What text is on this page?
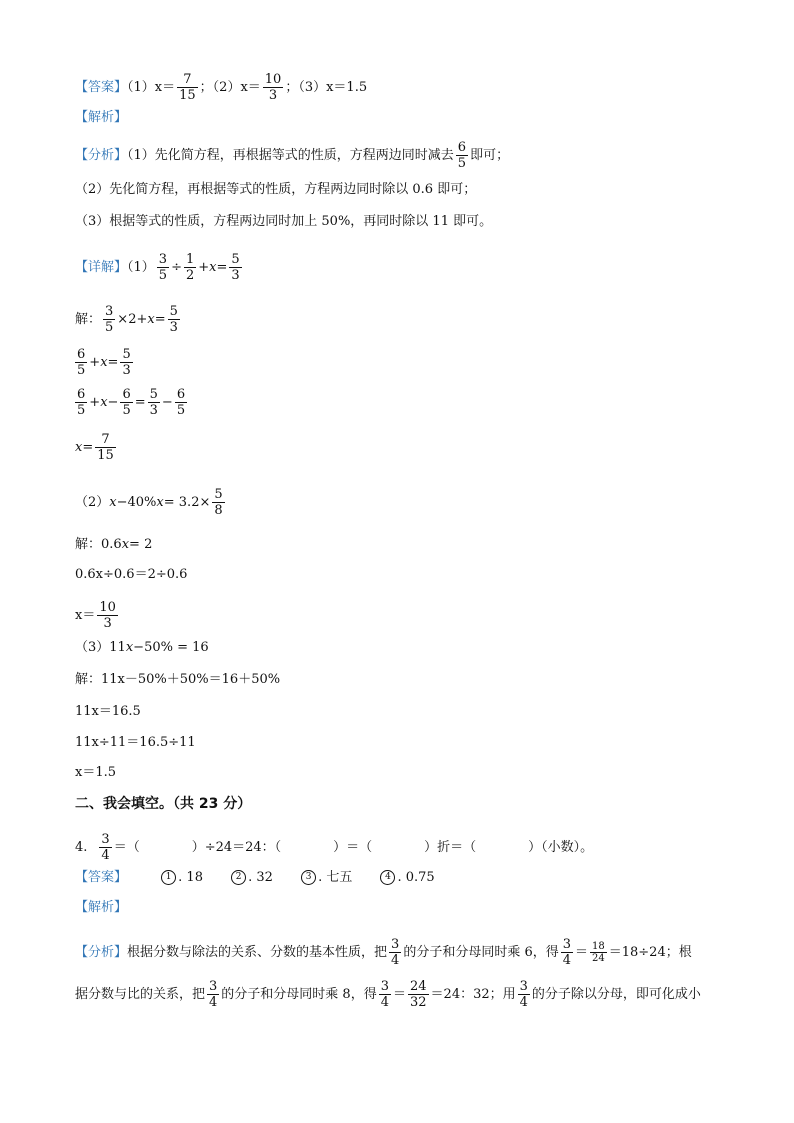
【答案】$(1)x= \frac{7}{15}$ ；$(2)x= \frac{10}{3}$ ；（3）x＝1.5
【解析】
【分析】（1）先化简方程，再根据等式的性质，方程两边同时减去 $\frac{6}{5}$ 即可；
（2）先化简方程，再根据等式的性质，方程两边同时除以 0.6 即可；
（3）根据等式的性质，方程两边同时加上 50%，再同时除以 11 即可。
【详解】$(1) \frac{3}{5} \div \frac{1}{2} +x= \frac{5}{3}$
解： $\frac{3}{5} \times 2+x= \frac{5}{3}$
$\frac{6}{5} +x= \frac{5}{3}$
$\frac{6}{5} +x- \frac{6}{5} = \frac{5}{3} - \frac{6}{5}$
$x= \frac{7}{15}$
$(2)x-40\%x= 3.2\times \frac{5}{8}$
解：0.6x= 2
0.6x÷0.6＝2÷0.6
$x= \frac{10}{3}$
（3）11x−50% = 16
解：11x－50%＋50%＝16＋50%
11x＝16.5
11x÷11＝16.5÷11
x＝1.5
二、我会填空。（共 23 分）
4. $\frac{3}{4}$ ＝（　　　　）÷24＝24：（　　　　）＝（　　　　）折＝（　　　　）（小数）。
【答案】	1 . 18	2 . 32	3 . 七五	4 . 0.75
【解析】
【分析】根据分数与除法的关系、分数的基本性质，把 $\frac{3}{4}$ 的分子和分母同时乘 6，得 $\frac{3}{4} = \frac{18}{24} =18\div 24$；根
据分数与比的关系，把 $\frac{3}{4}$ 的分子和分母同时乘 8，得 $\frac{3}{4} = \frac{24}{32} =24$：32；用 $\frac{3}{4}$ 的分子除以分母，即可化成小
